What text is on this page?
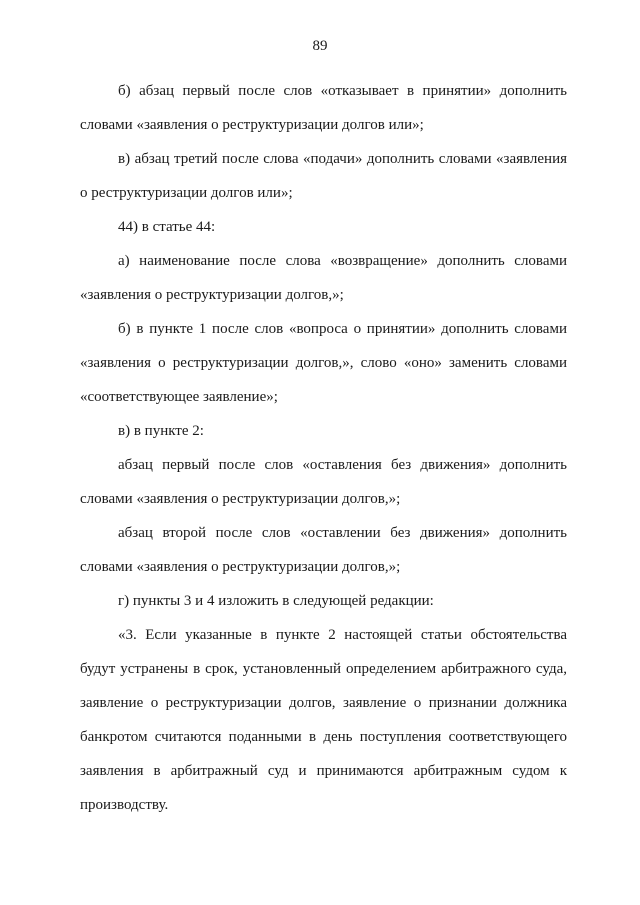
89

б) абзац первый после слов «отказывает в принятии» дополнить словами «заявления о реструктуризации долгов или»;

в) абзац третий после слова «подачи» дополнить словами «заявления о реструктуризации долгов или»;

44) в статье 44:

а) наименование после слова «возвращение» дополнить словами «заявления о реструктуризации долгов,»;

б) в пункте 1 после слов «вопроса о принятии» дополнить словами «заявления о реструктуризации долгов,», слово «оно» заменить словами «соответствующее заявление»;

в) в пункте 2:

абзац первый после слов «оставления без движения» дополнить словами «заявления о реструктуризации долгов,»;

абзац второй после слов «оставлении без движения» дополнить словами «заявления о реструктуризации долгов,»;

г) пункты 3 и 4 изложить в следующей редакции:

«3. Если указанные в пункте 2 настоящей статьи обстоятельства будут устранены в срок, установленный определением арбитражного суда, заявление о реструктуризации долгов, заявление о признании должника банкротом считаются поданными в день поступления соответствующего заявления в арбитражный суд и принимаются арбитражным судом к производству.
